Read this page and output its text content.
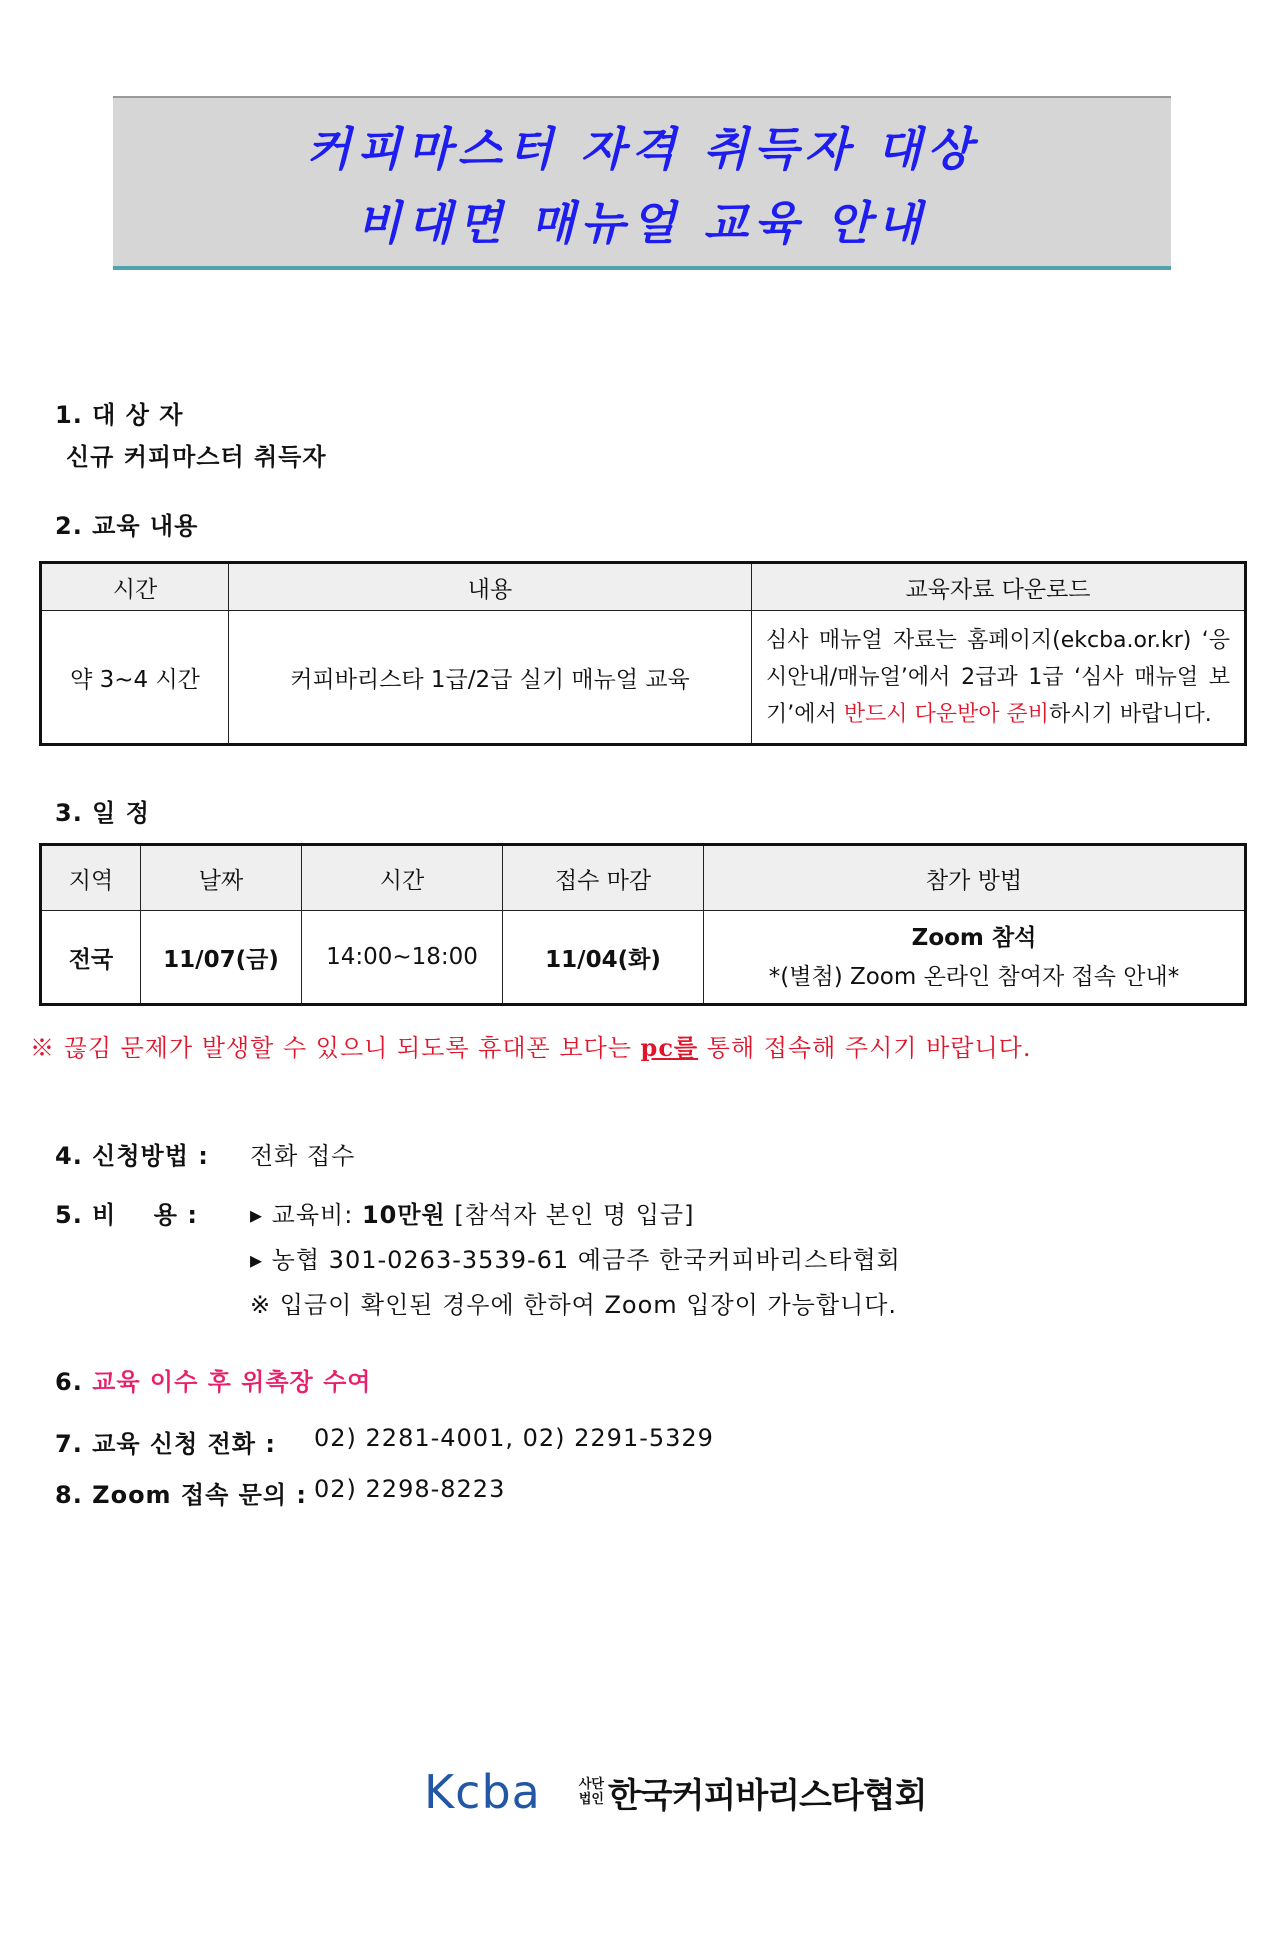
커피마스터 자격 취득자 대상
비대면 매뉴얼 교육 안내
1. 대 상 자
신규 커피마스터 취득자
2. 교육 내용
시간	내용	교육자료 다운로드
약 3~4 시간	커피바리스타 1급/2급 실기 매뉴얼 교육	심사 매뉴얼 자료는 홈페이지(ekcba.or.kr) ‘응시안내/매뉴얼’에서 2급과 1급 ‘심사 매뉴얼 보기’에서 반드시 다운받아 준비하시기 바랍니다.
3. 일 정
지역	날짜	시간	접수 마감	참가 방법
전국	11/07(금)	14:00~18:00	11/04(화)	Zoom 참석
*(별첨) Zoom 온라인 참여자 접속 안내*
※ 끊김 문제가 발생할 수 있으니 되도록 휴대폰 보다는 pc를 통해 접속해 주시기 바랍니다.
4. 신청방법 : 전화 접수
5. 비    용 : ▸ 교육비: 10만원 [참석자 본인 명 입금]
▸ 농협 301-0263-3539-61 예금주 한국커피바리스타협회
※ 입금이 확인된 경우에 한하여 Zoom 입장이 가능합니다.
6. 교육 이수 후 위촉장 수여
7. 교육 신청 전화 : 02) 2281-4001, 02) 2291-5329
8. Zoom 접속 문의 : 02) 2298-8223
Kcba	사단
법인 한국커피바리스타협회
